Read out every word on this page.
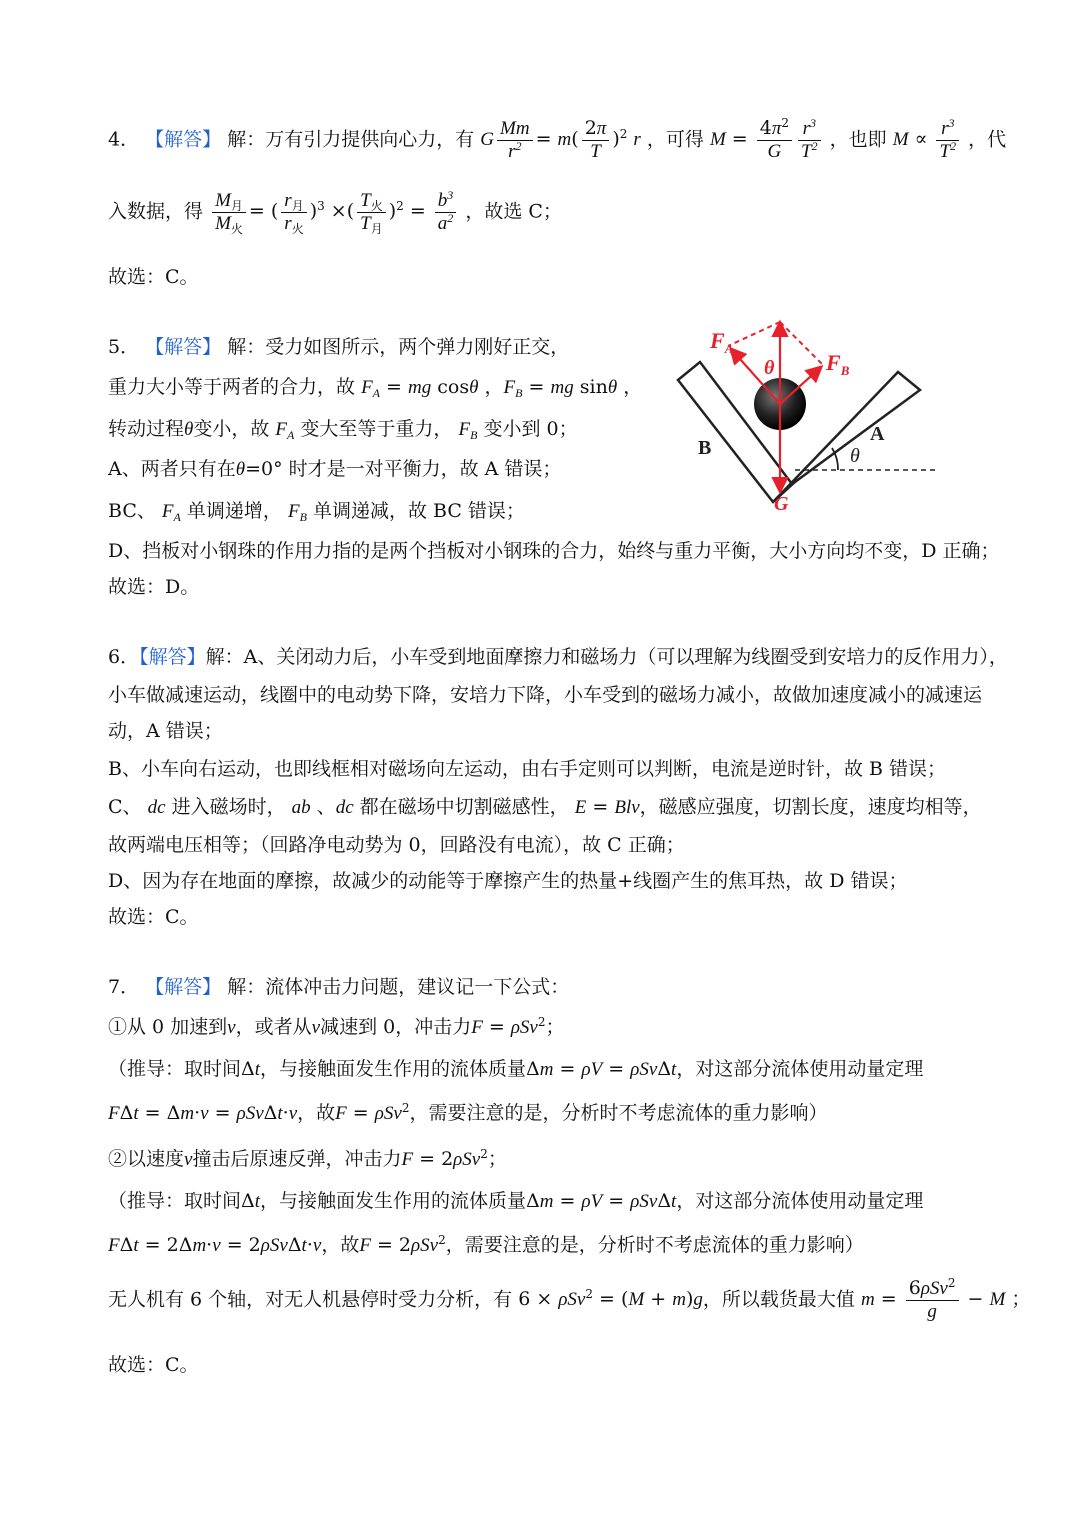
4． 【解答】 解：万有引力提供向心力，有 G $\frac{Mm}{r^2} = m( \frac{2\pi}{T} )^2$ r ，可得 $M = \frac{4\pi^2}{G} \frac{r^3}{T^2}$ ，也即 $M \propto \frac{r^3}{T^2}$ ，代
入数据，得 $\frac{M_月}{M_火}$ = ( $\frac{r_月}{r_火} )^3$ ×( $\frac{T_火}{T_月} )^2 = \frac{b^3}{a^2}$ ，故选 C；
故选：C。
5． 【解答】 解：受力如图所示，两个弹力刚好正交，
重力大小等于两者的合力，故 $F_A$ = mg cosθ ，$F_B$ = mg sinθ ，
转动过程θ变小，故 $F_A$ 变大至等于重力， $F_B$ 变小到 0；
A、两者只有在θ=0° 时才是一对平衡力，故 A 错误；
BC、 $F_A$ 单调递增， $F_B$ 单调递减，故 BC 错误；
D、挡板对小钢珠的作用力指的是两个挡板对小钢珠的合力，始终与重力平衡，大小方向均不变，D 正确；
故选：D。
$F_A$
$F_B$
θ
G
θ
A
B
6．【解答】解：A、关闭动力后，小车受到地面摩擦力和磁场力（可以理解为线圈受到安培力的反作用力），
小车做减速运动，线圈中的电动势下降，安培力下降，小车受到的磁场力减小，故做加速度减小的减速运
动，A 错误；
B、小车向右运动，也即线框相对磁场向左运动，由右手定则可以判断，电流是逆时针，故 B 错误；
C、 dc 进入磁场时， ab 、dc 都在磁场中切割磁感性， E = Blv，磁感应强度，切割长度，速度均相等，
故两端电压相等；（回路净电动势为 0，回路没有电流），故 C 正确；
D、因为存在地面的摩擦，故减少的动能等于摩擦产生的热量+线圈产生的焦耳热，故 D 错误；
故选：C。
7． 【解答】 解：流体冲击力问题，建议记一下公式：
①从 0 加速到v，或者从v减速到 0，冲击力F = ρSv$^2$；
（推导：取时间Δt，与接触面发生作用的流体质量Δm = ρV = ρSvΔt，对这部分流体使用动量定理
FΔt = Δm·v = ρSvΔt·v，故F = ρSv$^2$，需要注意的是，分析时不考虑流体的重力影响）
②以速度v撞击后原速反弹，冲击力F = 2ρSv$^2$；
（推导：取时间Δt，与接触面发生作用的流体质量Δm = ρV = ρSvΔt，对这部分流体使用动量定理
FΔt = 2Δm·v = 2ρSvΔt·v，故F = 2ρSv$^2$，需要注意的是，分析时不考虑流体的重力影响）
无人机有 6 个轴，对无人机悬停时受力分析，有 6 × ρSv$^2$ = (M + m)g，所以载货最大值 $m = \frac{6\rho Sv^2}{g} - M$ ；
故选：C。
